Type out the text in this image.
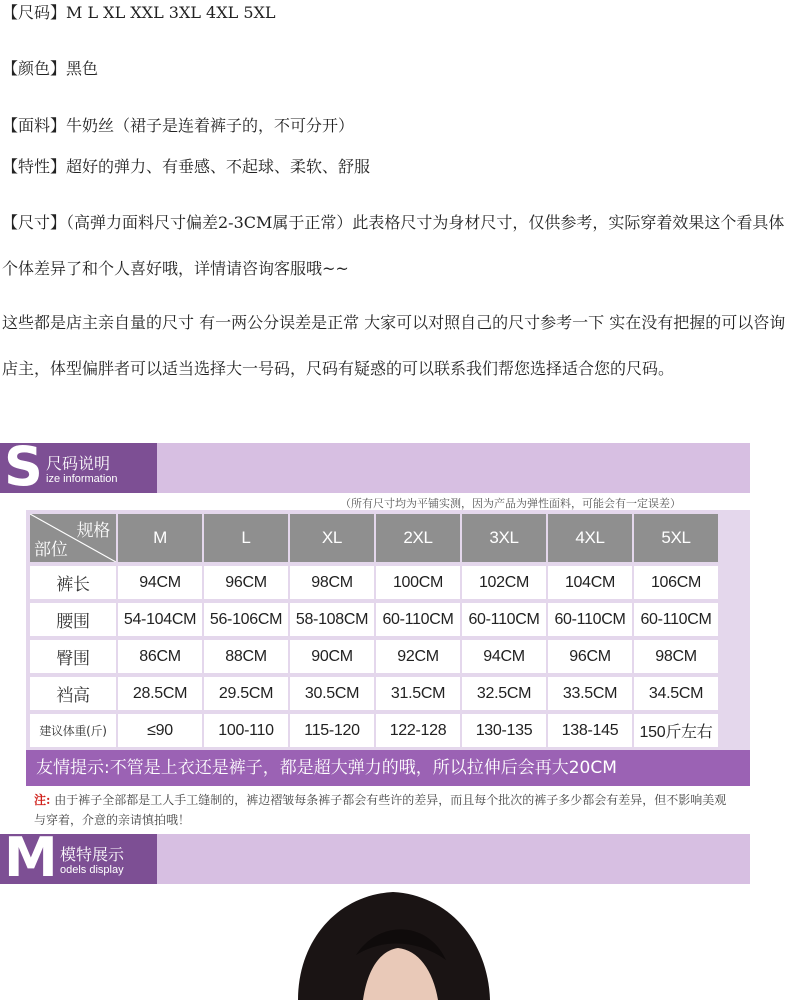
【尺码】M L XL XXL 3XL 4XL 5XL
【颜色】黑色
【面料】牛奶丝（裙子是连着裤子的，不可分开）
【特性】超好的弹力、有垂感、不起球、柔软、舒服
【尺寸】（高弹力面料尺寸偏差2-3CM属于正常）此表格尺寸为身材尺寸，仅供参考，实际穿着效果这个看具体个体差异了和个人喜好哦，详情请咨询客服哦~~
这些都是店主亲自量的尺寸 有一两公分误差是正常 大家可以对照自己的尺寸参考一下 实在没有把握的可以咨询店主，体型偏胖者可以适当选择大一号码，尺码有疑惑的可以联系我们帮您选择适合您的尺码。
S 尺码说明
ize information
（所有尺寸均为平铺实测，因为产品为弹性面料，可能会有一定误差）
规格
部位
M	L	XL	2XL	3XL	4XL	5XL
裤长	94CM	96CM	98CM	100CM	102CM	104CM	106CM
腰围	54-104CM 56-106CM 58-108CM 60-110CM 60-110CM 60-110CM 60-110CM
臀围	86CM	88CM	90CM	92CM	94CM	96CM	98CM
裆高	28.5CM	29.5CM	30.5CM	31.5CM	32.5CM	33.5CM	34.5CM
建议体重(斤)	≤90	100-110	115-120	122-128	130-135	138-145	150斤左右
友情提示:不管是上衣还是裤子，都是超大弹力的哦，所以拉伸后会再大20CM
注: 由于裤子全部都是工人手工缝制的，裤边褶皱每条裤子都会有些许的差异，而且每个批次的裤子多少都会有差异，但不影响美观与穿着，介意的亲请慎拍哦！
M 模特展示
odels display
